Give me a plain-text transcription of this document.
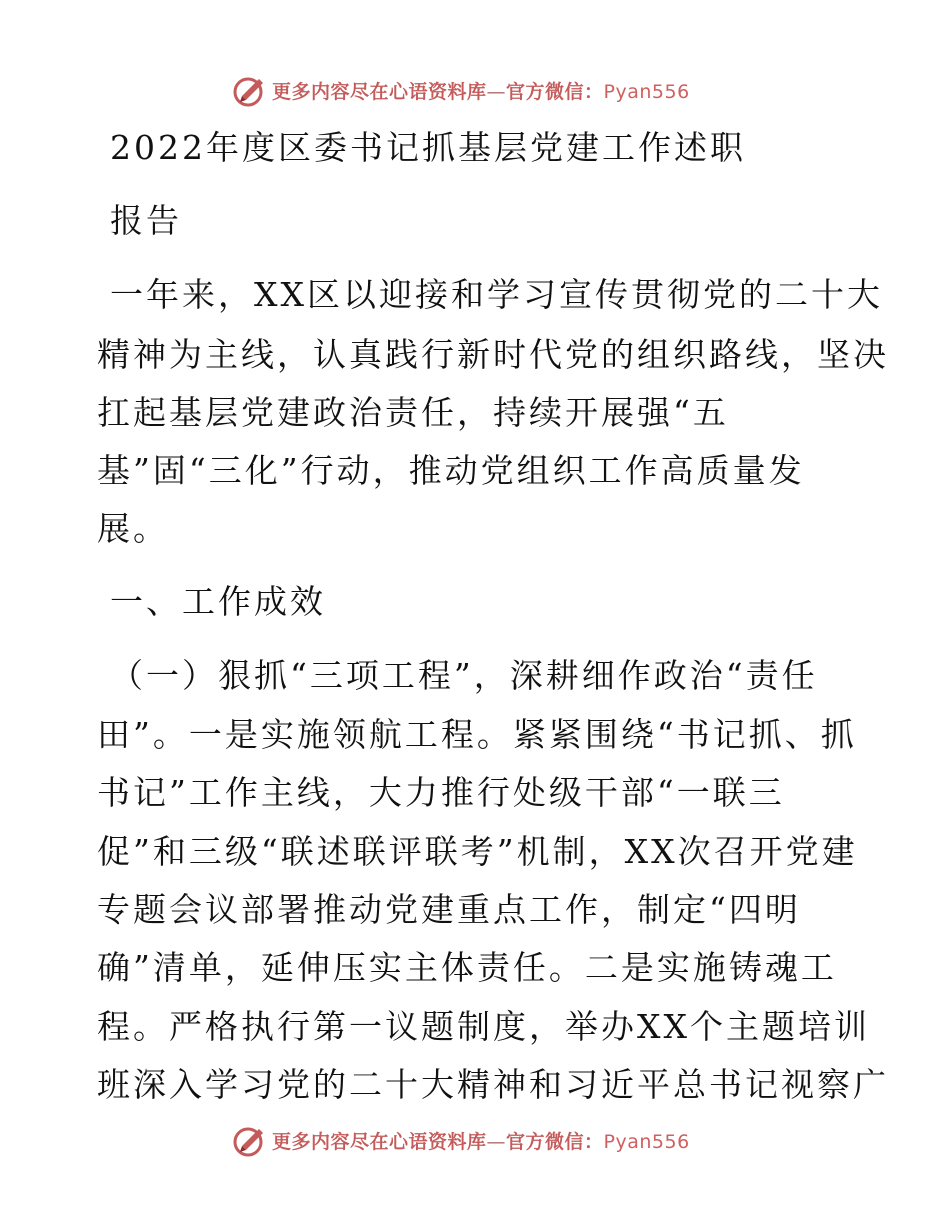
更多内容尽在心语资料库—官方微信：Pyan556

2022年度区委书记抓基层党建工作述职

报告

一年来，XX区以迎接和学习宣传贯彻党的二十大

精神为主线，认真践行新时代党的组织路线，坚决

扛起基层党建政治责任，持续开展强“五

基”固“三化”行动，推动党组织工作高质量发

展。

一、工作成效

（一）狠抓“三项工程”，深耕细作政治“责任

田”。一是实施领航工程。紧紧围绕“书记抓、抓

书记”工作主线，大力推行处级干部“一联三

促”和三级“联述联评联考”机制，XX次召开党建

专题会议部署推动党建重点工作，制定“四明

确”清单，延伸压实主体责任。二是实施铸魂工

程。严格执行第一议题制度，举办XX个主题培训

班深入学习党的二十大精神和习近平总书记视察广

更多内容尽在心语资料库—官方微信：Pyan556
